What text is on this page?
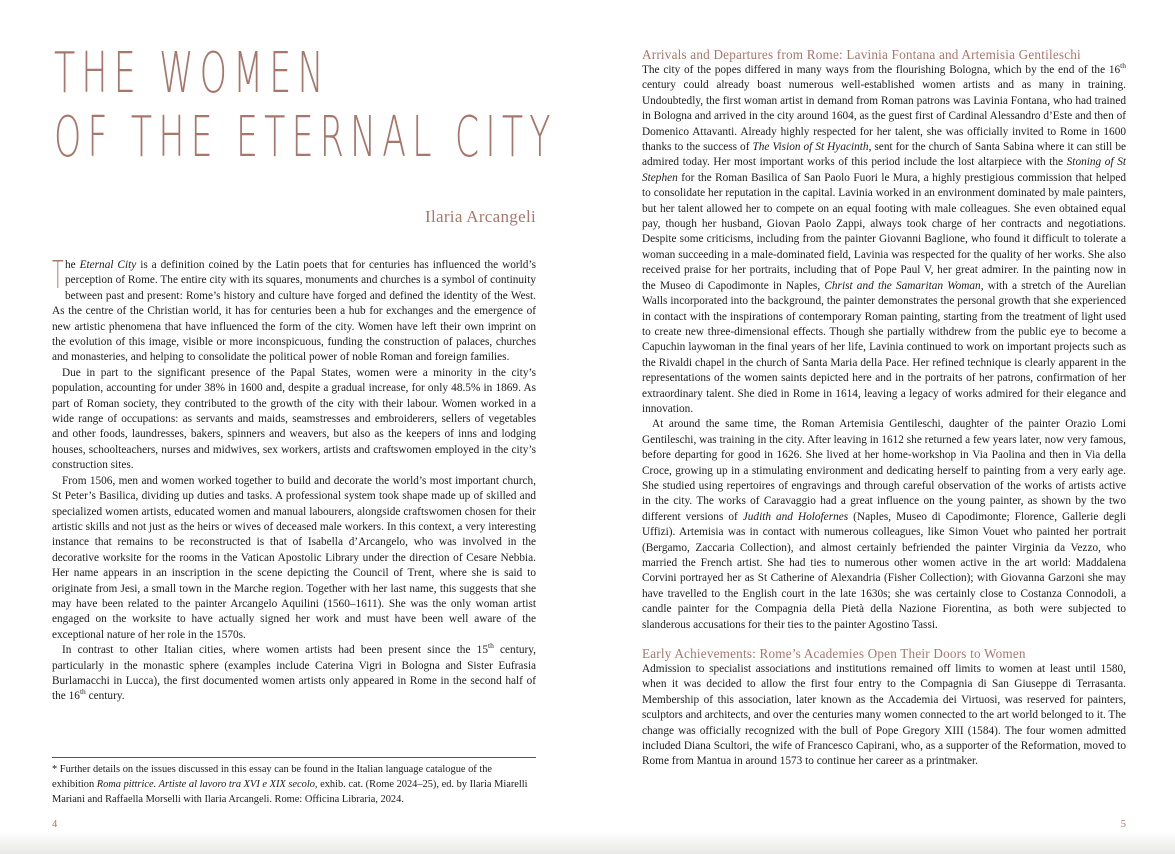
THE WOMEN
OF THE ETERNAL CITY
Ilaria Arcangeli

The Eternal City is a definition coined by the Latin poets that for centuries has influenced the world’s perception of Rome. The entire city with its squares, monuments and churches is a symbol of continuity between past and present: Rome’s history and culture have forged and defined the identity of the West. As the centre of the Christian world, it has for centuries been a hub for exchanges and the emergence of new artistic phenomena that have influenced the form of the city. Women have left their own imprint on the evolution of this image, visible or more inconspicuous, funding the construction of palaces, churches and monasteries, and helping to consolidate the political power of noble Roman and foreign families.

Due in part to the significant presence of the Papal States, women were a minority in the city’s population, accounting for under 38% in 1600 and, despite a gradual increase, for only 48.5% in 1869. As part of Roman society, they contributed to the growth of the city with their labour. Women worked in a wide range of occupations: as servants and maids, seamstresses and embroiderers, sellers of vegetables and other foods, laundresses, bakers, spinners and weavers, but also as the keepers of inns and lodging houses, schoolteachers, nurses and midwives, sex workers, artists and craftswomen employed in the city’s construction sites.

From 1506, men and women worked together to build and decorate the world’s most important church, St Peter’s Basilica, dividing up duties and tasks. A professional system took shape made up of skilled and specialized women artists, educated women and manual labourers, alongside craftswomen chosen for their artistic skills and not just as the heirs or wives of deceased male workers. In this context, a very interesting instance that remains to be reconstructed is that of Isabella d’Arcangelo, who was involved in the decorative worksite for the rooms in the Vatican Apostolic Library under the direction of Cesare Nebbia. Her name appears in an inscription in the scene depicting the Council of Trent, where she is said to originate from Jesi, a small town in the Marche region. Together with her last name, this suggests that she may have been related to the painter Arcangelo Aquilini (1560–1611). She was the only woman artist engaged on the worksite to have actually signed her work and must have been well aware of the exceptional nature of her role in the 1570s.

In contrast to other Italian cities, where women artists had been present since the 15th century, particularly in the monastic sphere (examples include Caterina Vigri in Bologna and Sister Eufrasia Burlamacchi in Lucca), the first documented women artists only appeared in Rome in the second half of the 16th century.

* Further details on the issues discussed in this essay can be found in the Italian language catalogue of the exhibition Roma pittrice. Artiste al lavoro tra XVI e XIX secolo, exhib. cat. (Rome 2024–25), ed. by Ilaria Miarelli Mariani and Raffaella Morselli with Ilaria Arcangeli. Rome: Officina Libraria, 2024.
4
Arrivals and Departures from Rome: Lavinia Fontana and Artemisia Gentileschi

The city of the popes differed in many ways from the flourishing Bologna, which by the end of the 16th century could already boast numerous well-established women artists and as many in training. Undoubtedly, the first woman artist in demand from Roman patrons was Lavinia Fontana, who had trained in Bologna and arrived in the city around 1604, as the guest first of Cardinal Alessandro d’Este and then of Domenico Attavanti. Already highly respected for her talent, she was officially invited to Rome in 1600 thanks to the success of The Vision of St Hyacinth, sent for the church of Santa Sabina where it can still be admired today. Her most important works of this period include the lost altarpiece with the Stoning of St Stephen for the Roman Basilica of San Paolo Fuori le Mura, a highly prestigious commission that helped to consolidate her reputation in the capital. Lavinia worked in an environment dominated by male painters, but her talent allowed her to compete on an equal footing with male colleagues. She even obtained equal pay, though her husband, Giovan Paolo Zappi, always took charge of her contracts and negotiations. Despite some criticisms, including from the painter Giovanni Baglione, who found it difficult to tolerate a woman succeeding in a male-dominated field, Lavinia was respected for the quality of her works. She also received praise for her portraits, including that of Pope Paul V, her great admirer. In the painting now in the Museo di Capodimonte in Naples, Christ and the Samaritan Woman, with a stretch of the Aurelian Walls incorporated into the background, the painter demonstrates the personal growth that she experienced in contact with the inspirations of contemporary Roman painting, starting from the treatment of light used to create new three-dimensional effects. Though she partially withdrew from the public eye to become a Capuchin laywoman in the final years of her life, Lavinia continued to work on important projects such as the Rivaldi chapel in the church of Santa Maria della Pace. Her refined technique is clearly apparent in the representations of the women saints depicted here and in the portraits of her patrons, confirmation of her extraordinary talent. She died in Rome in 1614, leaving a legacy of works admired for their elegance and innovation.

At around the same time, the Roman Artemisia Gentileschi, daughter of the painter Orazio Lomi Gentileschi, was training in the city. After leaving in 1612 she returned a few years later, now very famous, before departing for good in 1626. She lived at her home-workshop in Via Paolina and then in Via della Croce, growing up in a stimulating environment and dedicating herself to painting from a very early age. She studied using repertoires of engravings and through careful observation of the works of artists active in the city. The works of Caravaggio had a great influence on the young painter, as shown by the two different versions of Judith and Holofernes (Naples, Museo di Capodimonte; Florence, Gallerie degli Uffizi). Artemisia was in contact with numerous colleagues, like Simon Vouet who painted her portrait (Bergamo, Zaccaria Collection), and almost certainly befriended the painter Virginia da Vezzo, who married the French artist. She had ties to numerous other women active in the art world: Maddalena Corvini portrayed her as St Catherine of Alexandria (Fisher Collection); with Giovanna Garzoni she may have travelled to the English court in the late 1630s; she was certainly close to Costanza Connodoli, a candle painter for the Compagnia della Pietà della Nazione Fiorentina, as both were subjected to slanderous accusations for their ties to the painter Agostino Tassi.

Early Achievements: Rome’s Academies Open Their Doors to Women

Admission to specialist associations and institutions remained off limits to women at least until 1580, when it was decided to allow the first four entry to the Compagnia di San Giuseppe di Terrasanta. Membership of this association, later known as the Accademia dei Virtuosi, was reserved for painters, sculptors and architects, and over the centuries many women connected to the art world belonged to it. The change was officially recognized with the bull of Pope Gregory XIII (1584). The four women admitted included Diana Scultori, the wife of Francesco Capirani, who, as a supporter of the Reformation, moved to Rome from Mantua in around 1573 to continue her career as a printmaker.

5
